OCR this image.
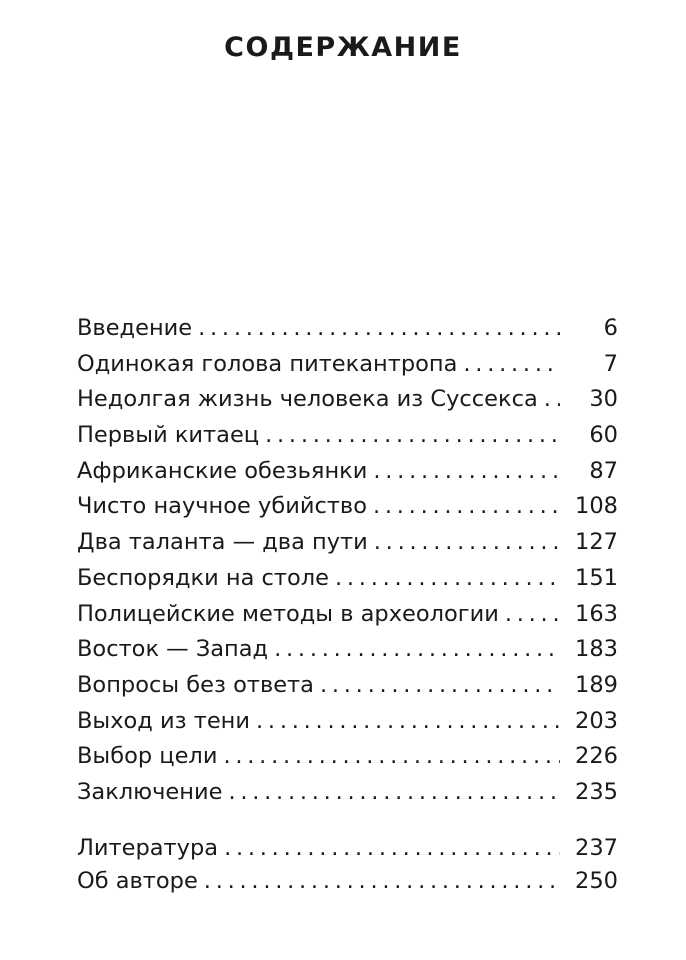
СОДЕРЖАНИЕ
Введение . . .	6
Одинокая голова питекантропа . . .	7
Недолгая жизнь человека из Суссекса . . .	30
Первый китаец . . .	60
Африканские обезьянки . . .	87
Чисто научное убийство . . .	108
Два таланта — два пути . . .	127
Беспорядки на столе . . .	151
Полицейские методы в археологии . . .	163
Восток — Запад . . .	183
Вопросы без ответа . . .	189
Выход из тени . . .	203
Выбор цели . . .	226
Заключение . . .	235
Литература . . .	237
Об авторе . . .	250
